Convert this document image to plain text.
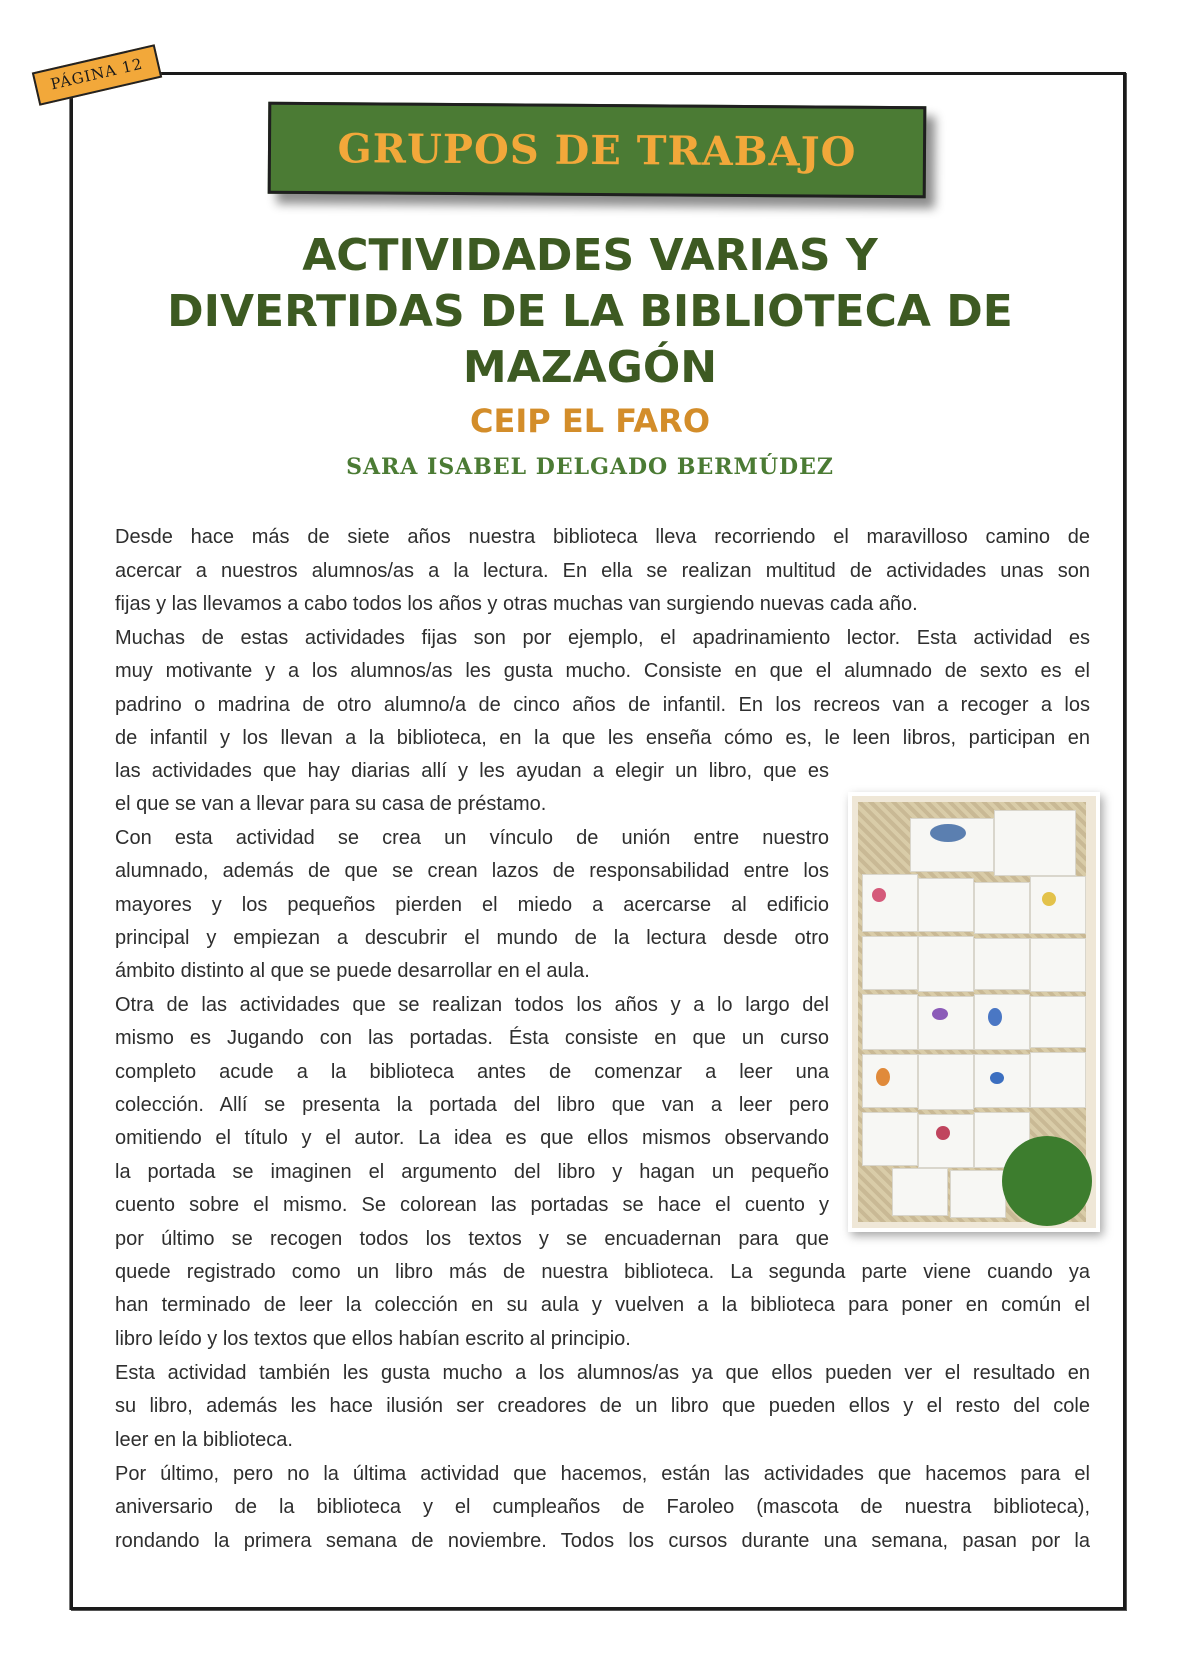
PÁGINA 12
GRUPOS DE TRABAJO
ACTIVIDADES VARIAS Y
DIVERTIDAS DE LA BIBLIOTECA DE
MAZAGÓN
CEIP EL FARO
SARA ISABEL DELGADO BERMÚDEZ
Desde hace más de siete años nuestra biblioteca lleva recorriendo el maravilloso camino de
acercar a nuestros alumnos/as a la lectura. En ella se realizan multitud de actividades unas son
fijas y las llevamos a cabo todos los años y otras muchas van surgiendo nuevas cada año.
Muchas de estas actividades fijas son por ejemplo, el apadrinamiento lector. Esta actividad es
muy motivante y a los alumnos/as les gusta mucho. Consiste en que el alumnado de sexto es el
padrino o madrina de otro alumno/a de cinco años de infantil. En los recreos van a recoger a los
de infantil y los llevan a la biblioteca, en la que les enseña cómo es, le leen libros, participan en
las actividades que hay diarias allí y les ayudan a elegir un libro, que es
el que se van a llevar para su casa de préstamo.
Con esta actividad se crea un vínculo de unión entre nuestro
alumnado, además de que se crean lazos de responsabilidad entre los
mayores y los pequeños pierden el miedo a acercarse al edificio
principal y empiezan a descubrir el mundo de la lectura desde otro
ámbito distinto al que se puede desarrollar en el aula.
Otra de las actividades que se realizan todos los años y a lo largo del
mismo es Jugando con las portadas. Ésta consiste en que un curso
completo acude a la biblioteca antes de comenzar a leer una
colección. Allí se presenta la portada del libro que van a leer pero
omitiendo el título y el autor. La idea es que ellos mismos observando
la portada se imaginen el argumento del libro y hagan un pequeño
cuento sobre el mismo. Se colorean las portadas se hace el cuento y
por último se recogen todos los textos y se encuadernan para que
quede registrado como un libro más de nuestra biblioteca. La segunda parte viene cuando ya
han terminado de leer la colección en su aula y vuelven a la biblioteca para poner en común el
libro leído y los textos que ellos habían escrito al principio.
Esta actividad también les gusta mucho a los alumnos/as ya que ellos pueden ver el resultado en
su libro, además les hace ilusión ser creadores de un libro que pueden ellos y el resto del cole
leer en la biblioteca.
Por último, pero no la última actividad que hacemos, están las actividades que hacemos para el
aniversario de la biblioteca y el cumpleaños de Faroleo (mascota de nuestra biblioteca),
rondando la primera semana de noviembre. Todos los cursos durante una semana, pasan por la
